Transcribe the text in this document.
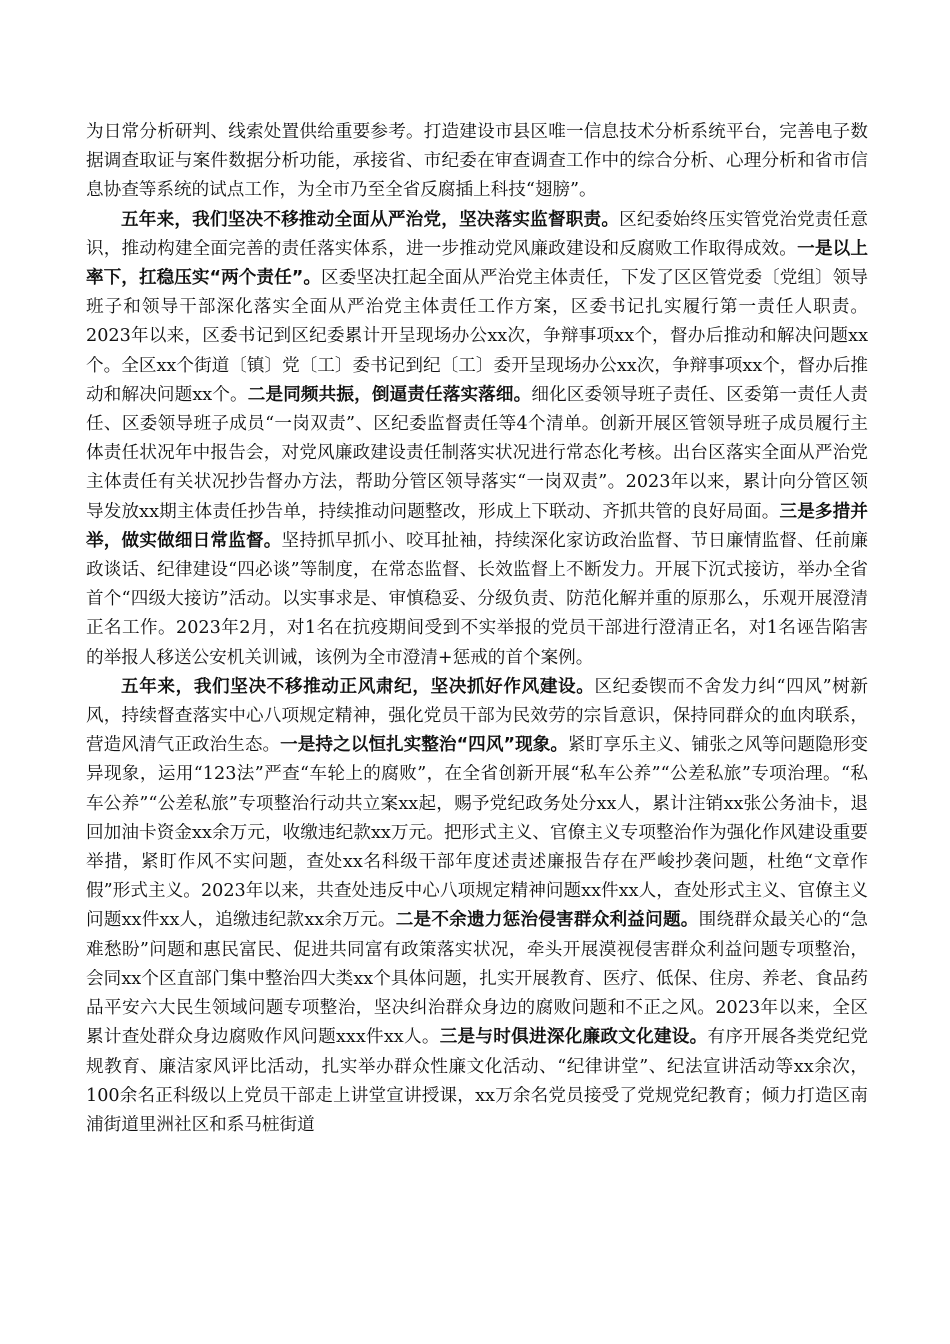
为日常分析研判、线索处置供给重要参考。打造建设市县区唯一信息技术分析系统平台，完善电子数据调查取证与案件数据分析功能，承接省、市纪委在审查调查工作中的综合分析、心理分析和省市信息协查等系统的试点工作，为全市乃至全省反腐插上科技“翅膀”。

五年来，我们坚决不移推动全面从严治党，坚决落实监督职责。区纪委始终压实管党治党责任意识，推动构建全面完善的责任落实体系，进一步推动党风廉政建设和反腐败工作取得成效。一是以上率下，扛稳压实“两个责任”。区委坚决扛起全面从严治党主体责任，下发了区区管党委〔党组〕领导班子和领导干部深化落实全面从严治党主体责任工作方案，区委书记扎实履行第一责任人职责。2023年以来，区委书记到区纪委累计开呈现场办公xx次，争辩事项xx个，督办后推动和解决问题xx个。全区xx个街道〔镇〕党〔工〕委书记到纪〔工〕委开呈现场办公xx次，争辩事项xx个，督办后推动和解决问题xx个。二是同频共振，倒逼责任落实落细。细化区委领导班子责任、区委第一责任人责任、区委领导班子成员“一岗双责”、区纪委监督责任等4个清单。创新开展区管领导班子成员履行主体责任状况年中报告会，对党风廉政建设责任制落实状况进行常态化考核。出台区落实全面从严治党主体责任有关状况抄告督办方法，帮助分管区领导落实“一岗双责”。2023年以来，累计向分管区领导发放xx期主体责任抄告单，持续推动问题整改，形成上下联动、齐抓共管的良好局面。三是多措并举，做实做细日常监督。坚持抓早抓小、咬耳扯袖，持续深化家访政治监督、节日廉情监督、任前廉政谈话、纪律建设“四必谈”等制度，在常态监督、长效监督上不断发力。开展下沉式接访，举办全省首个“四级大接访”活动。以实事求是、审慎稳妥、分级负责、防范化解并重的原那么，乐观开展澄清正名工作。2023年2月，对1名在抗疫期间受到不实举报的党员干部进行澄清正名，对1名诬告陷害的举报人移送公安机关训诫，该例为全市澄清+惩戒的首个案例。

五年来，我们坚决不移推动正风肃纪，坚决抓好作风建设。区纪委锲而不舍发力纠“四风”树新风，持续督查落实中心八项规定精神，强化党员干部为民效劳的宗旨意识，保持同群众的血肉联系，营造风清气正政治生态。一是持之以恒扎实整治“四风”现象。紧盯享乐主义、铺张之风等问题隐形变异现象，运用“123法”严查“车轮上的腐败”，在全省创新开展“私车公养”“公差私旅”专项治理。“私车公养”“公差私旅”专项整治行动共立案xx起，赐予党纪政务处分xx人，累计注销xx张公务油卡，退回加油卡资金xx余万元，收缴违纪款xx万元。把形式主义、官僚主义专项整治作为强化作风建设重要举措，紧盯作风不实问题，查处xx名科级干部年度述责述廉报告存在严峻抄袭问题，杜绝“文章作假”形式主义。2023年以来，共查处违反中心八项规定精神问题xx件xx人，查处形式主义、官僚主义问题xx件xx人，追缴违纪款xx余万元。二是不余遗力惩治侵害群众利益问题。围绕群众最关心的“急难愁盼”问题和惠民富民、促进共同富有政策落实状况，牵头开展漠视侵害群众利益问题专项整治，会同xx个区直部门集中整治四大类xx个具体问题，扎实开展教育、医疗、低保、住房、养老、食品药品平安六大民生领域问题专项整治，坚决纠治群众身边的腐败问题和不正之风。2023年以来，全区累计查处群众身边腐败作风问题xxx件xx人。三是与时俱进深化廉政文化建设。有序开展各类党纪党规教育、廉洁家风评比活动，扎实举办群众性廉文化活动、“纪律讲堂”、纪法宣讲活动等xx余次，100余名正科级以上党员干部走上讲堂宣讲授课，xx万余名党员接受了党规党纪教育；倾力打造区南浦街道里洲社区和系马桩街道
